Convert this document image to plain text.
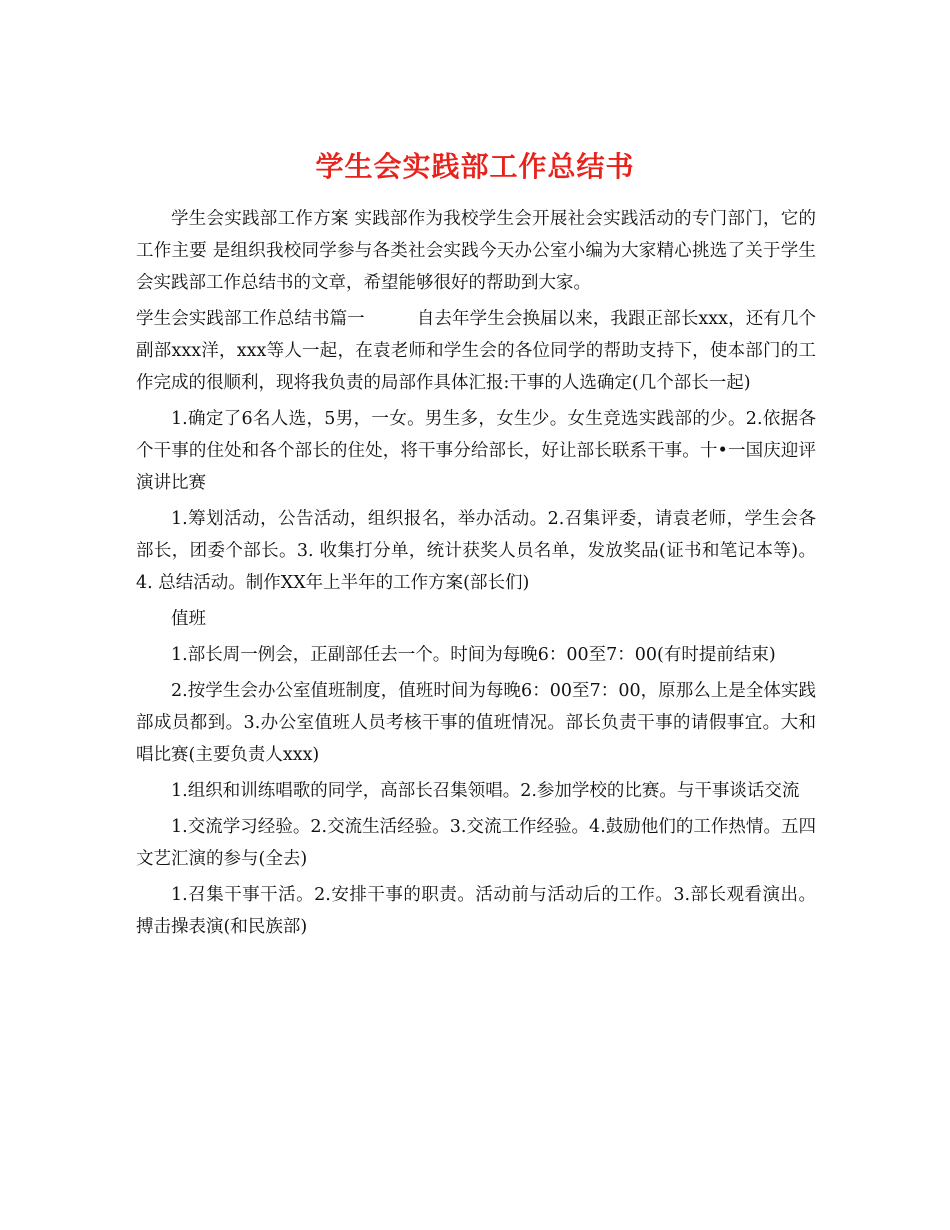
学生会实践部工作总结书

学生会实践部工作方案 实践部作为我校学生会开展社会实践活动的专门部门，它的工作主要 是组织我校同学参与各类社会实践今天办公室小编为大家精心挑选了关于学生会实践部工作总结书的文章，希望能够很好的帮助到大家。

学生会实践部工作总结书篇一	自去年学生会换届以来，我跟正部长xxx，还有几个副部xxx洋，xxx等人一起，在袁老师和学生会的各位同学的帮助支持下，使本部门的工作完成的很顺利，现将我负责的局部作具体汇报:干事的人选确定(几个部长一起)

1.确定了6名人选，5男，一女。男生多，女生少。女生竞选实践部的少。2.依据各个干事的住处和各个部长的住处，将干事分给部长，好让部长联系干事。十•一国庆迎评演讲比赛

1.筹划活动，公告活动，组织报名，举办活动。2.召集评委，请袁老师，学生会各部长，团委个部长。3. 收集打分单，统计获奖人员名单，发放奖品(证书和笔记本等)。4. 总结活动。制作XX年上半年的工作方案(部长们)

值班

1.部长周一例会，正副部任去一个。时间为每晚6：00至7：00(有时提前结束)

2.按学生会办公室值班制度，值班时间为每晚6：00至7：00，原那么上是全体实践部成员都到。3.办公室值班人员考核干事的值班情况。部长负责干事的请假事宜。大和唱比赛(主要负责人xxx)

1.组织和训练唱歌的同学，高部长召集领唱。2.参加学校的比赛。与干事谈话交流

1.交流学习经验。2.交流生活经验。3.交流工作经验。4.鼓励他们的工作热情。五四文艺汇演的参与(全去)

1.召集干事干活。2.安排干事的职责。活动前与活动后的工作。3.部长观看演出。搏击操表演(和民族部)
